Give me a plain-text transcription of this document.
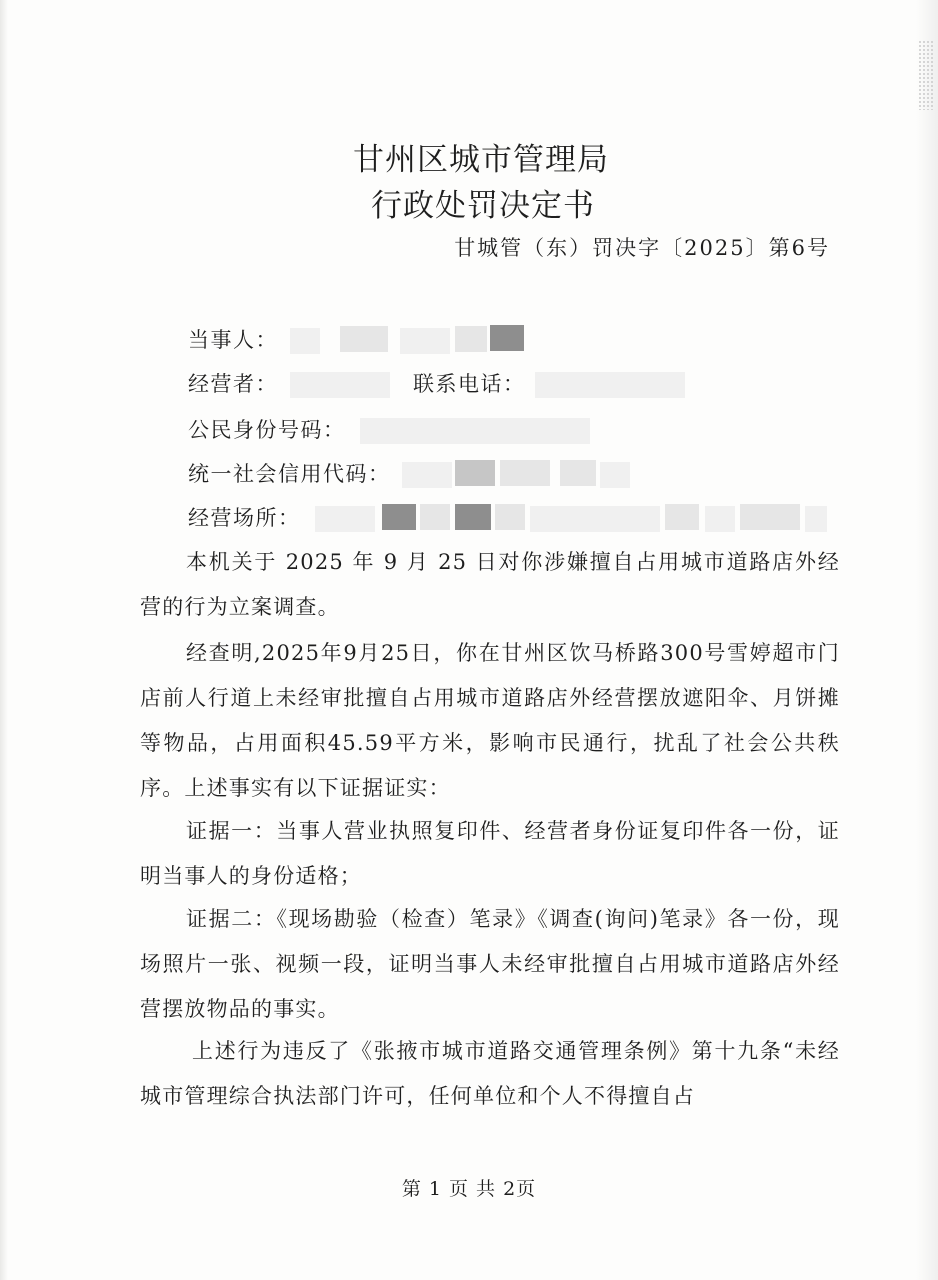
甘州区城市管理局
行政处罚决定书
甘城管（东）罚决字〔2025〕第6号
当事人：
经营者：	联系电话：
公民身份号码：
统一社会信用代码：
经营场所：

本机关于 2025 年 9 月 25 日对你涉嫌擅自占用城市道路店外经营的行为立案调查。

经查明,2025年9月25日，你在甘州区饮马桥路300号雪婷超市门店前人行道上未经审批擅自占用城市道路店外经营摆放遮阳伞、月饼摊等物品，占用面积45.59平方米，影响市民通行，扰乱了社会公共秩序。上述事实有以下证据证实：

证据一：当事人营业执照复印件、经营者身份证复印件各一份，证明当事人的身份适格；

证据二：《现场勘验（检查）笔录》《调查(询问)笔录》各一份，现场照片一张、视频一段，证明当事人未经审批擅自占用城市道路店外经营摆放物品的事实。

上述行为违反了《张掖市城市道路交通管理条例》第十九条“未经城市管理综合执法部门许可，任何单位和个人不得擅自占

第 1 页 共 2页
